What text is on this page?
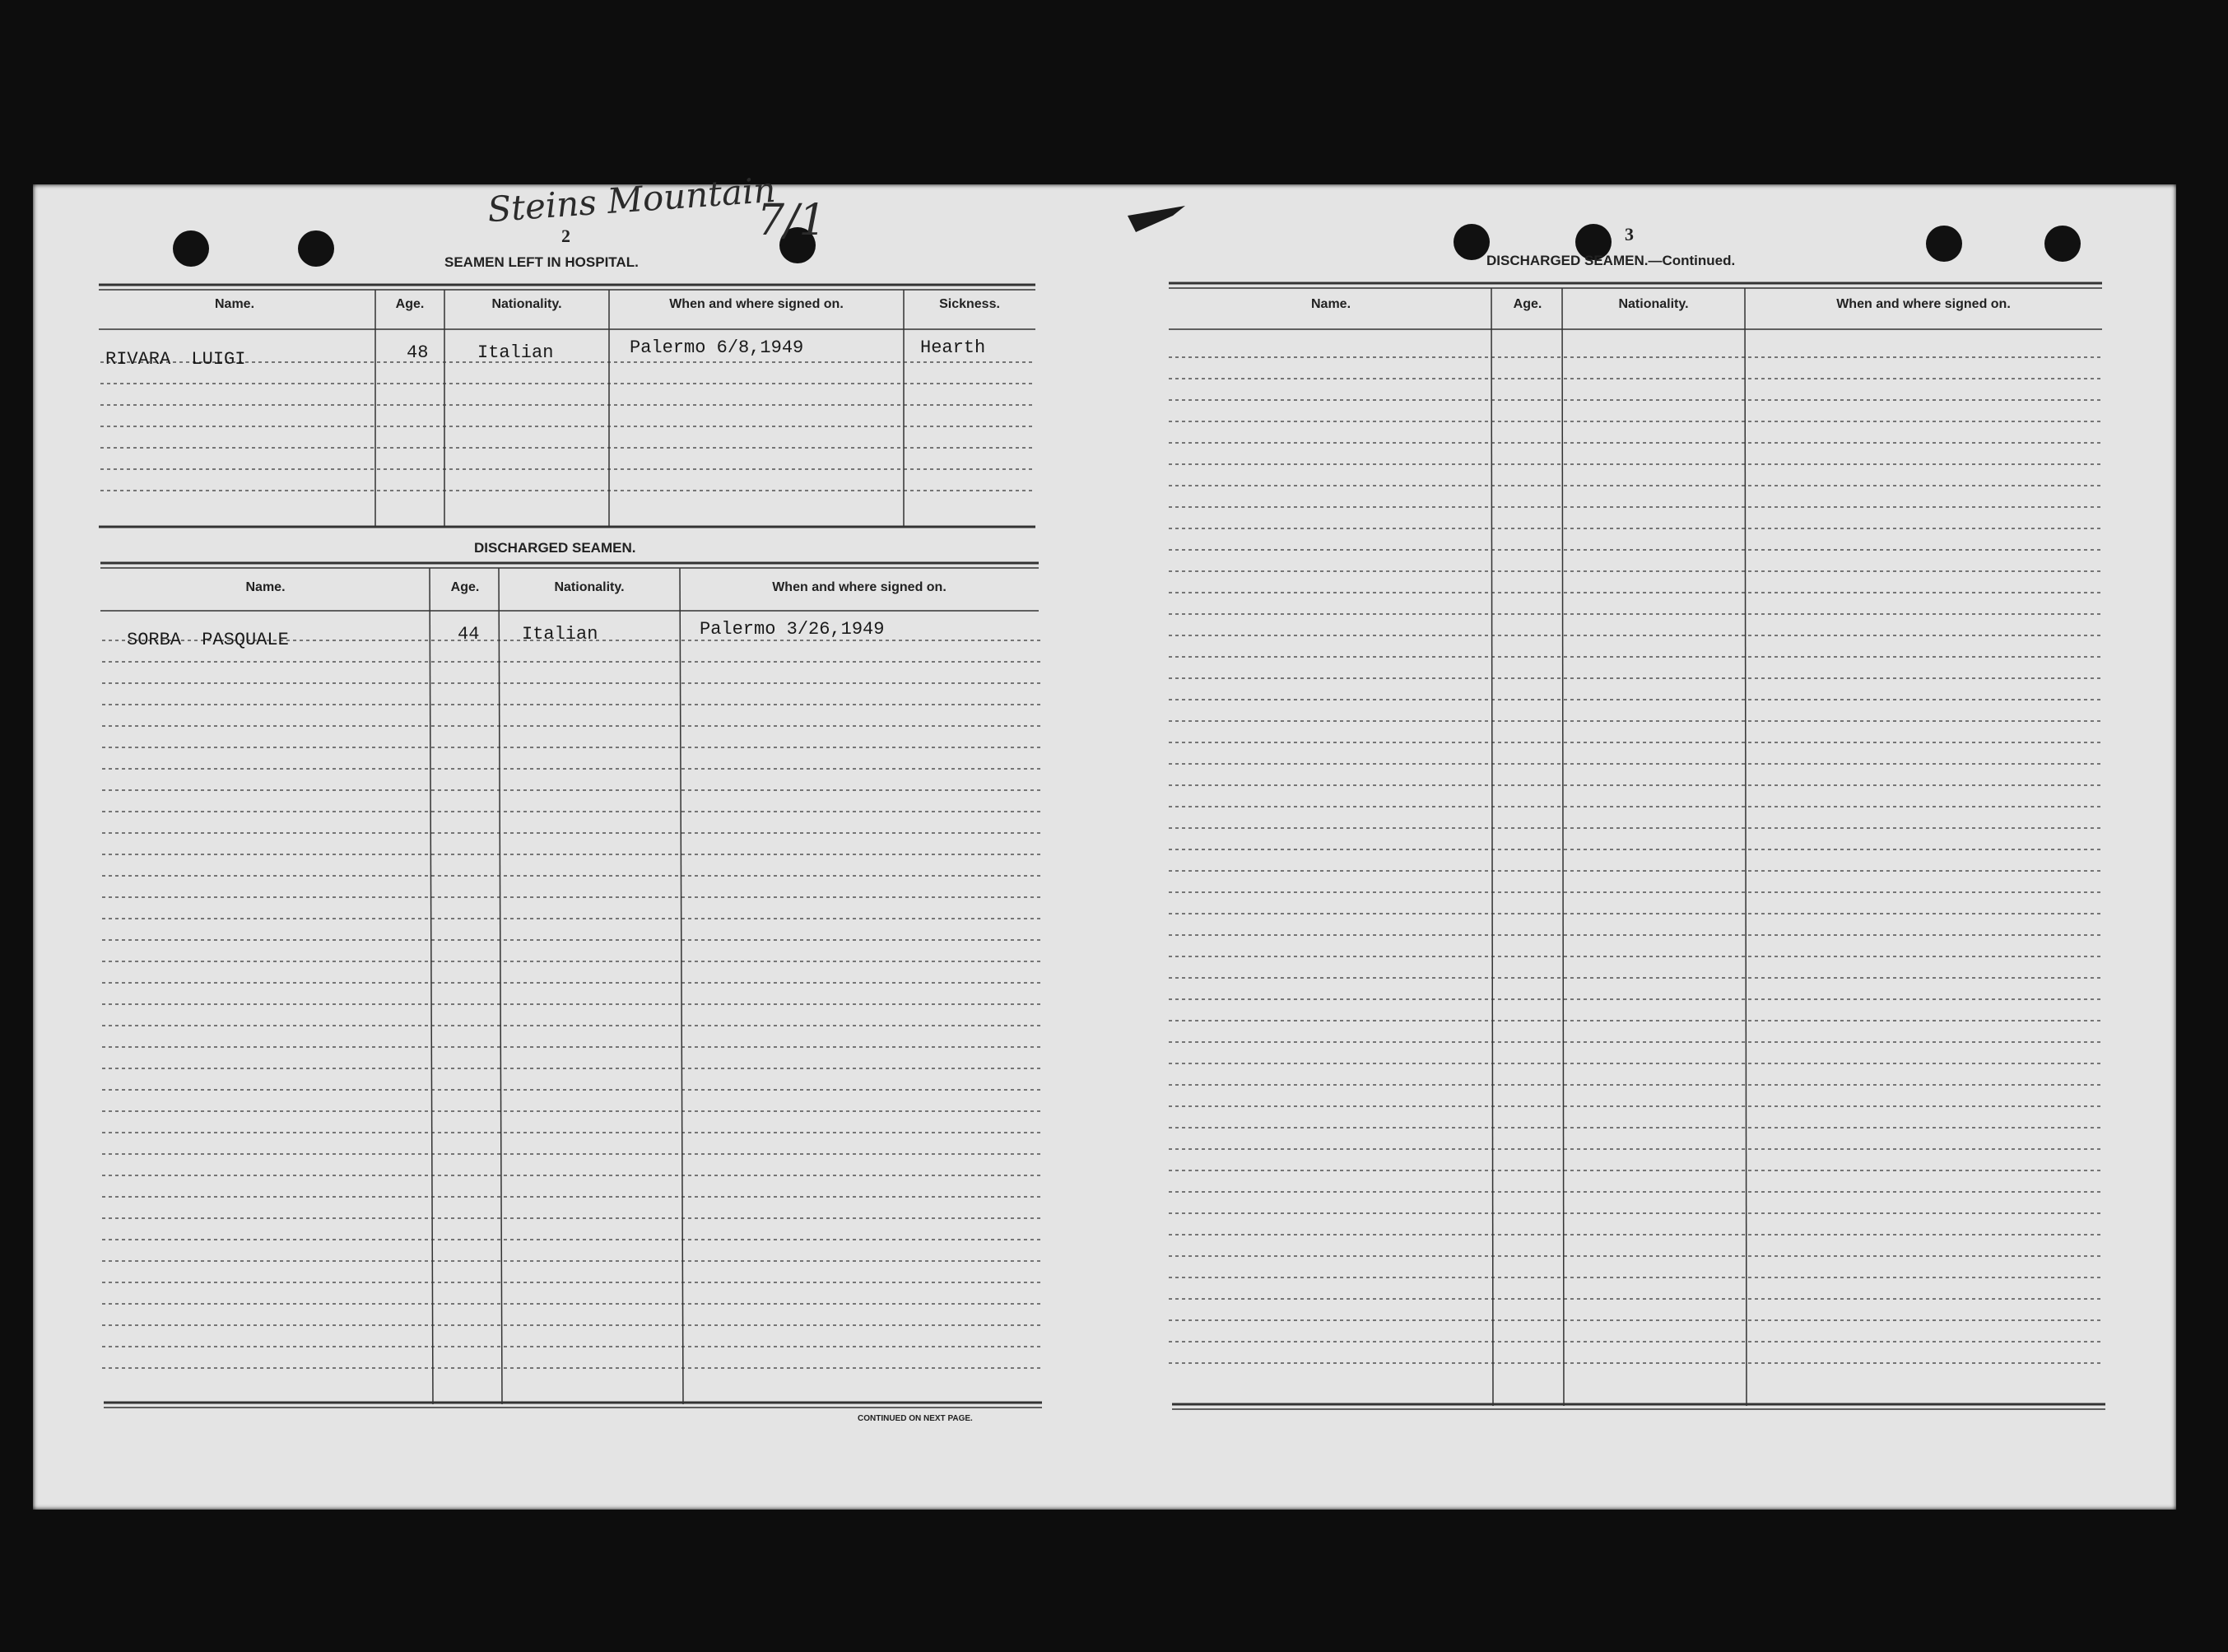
Steins Mountain
7/1
2
SEAMEN LEFT IN HOSPITAL.
Name.	Age.	Nationality.	When and where signed on.	Sickness.
RIVARA LUIGI	48	Italian	Palermo 6/8,1949	Hearth
DISCHARGED SEAMEN.
Name.	Age.	Nationality.	When and where signed on.
SORBA PASQUALE	44 Italian	Palermo 3/26,1949
CONTINUED ON NEXT PAGE.
3
DISCHARGED SEAMEN.—Continued.
Name.	Age.	Nationality.	When and where signed on.
